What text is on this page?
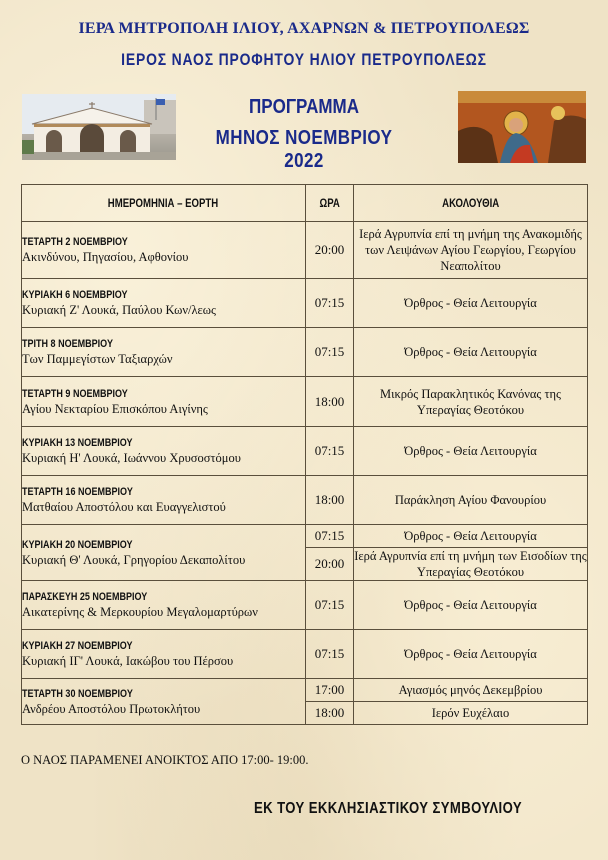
ΙΕΡΑ ΜΗΤΡΟΠΟΛΗ ΙΛΙΟΥ, ΑΧΑΡΝΩΝ & ΠΕΤΡΟΥΠΟΛΕΩΣ
ΙΕΡΟΣ ΝΑΟΣ ΠΡΟΦΗΤΟΥ ΗΛΙΟΥ ΠΕΤΡΟΥΠΟΛΕΩΣ
ΠΡΟΓΡΑΜΜΑ
ΜΗΝΟΣ ΝΟΕΜΒΡΙΟΥ 2022
ΗΜΕΡΟΜΗΝΙΑ – ΕΟΡΤΗ	ΩΡΑ	ΑΚΟΛΟΥΘΙΑ

ΤΕΤΑΡΤΗ 2 ΝΟΕΜΒΡΙΟΥ
Ακινδύνου, Πηγασίου, Αφθονίου	20:00	Ιερά Αγρυπνία επί τη μνήμη της Ανακομιδής των Λειψάνων Αγίου Γεωργίου, Γεωργίου Νεαπολίτου

ΚΥΡΙΑΚΗ 6 ΝΟΕΜΒΡΙΟΥ
Κυριακή Ζ' Λουκά, Παύλου Κων/λεως	07:15	Όρθρος - Θεία Λειτουργία

ΤΡΙΤΗ 8 ΝΟΕΜΒΡΙΟΥ
Των Παμμεγίστων Ταξιαρχών	07:15	Όρθρος - Θεία Λειτουργία

ΤΕΤΑΡΤΗ 9 ΝΟΕΜΒΡΙΟΥ
Αγίου Νεκταρίου Επισκόπου Αιγίνης	18:00	Μικρός Παρακλητικός Κανόνας της Υπεραγίας Θεοτόκου

ΚΥΡΙΑΚΗ 13 ΝΟΕΜΒΡΙΟΥ
Κυριακή Η' Λουκά, Ιωάννου Χρυσοστόμου	07:15	Όρθρος - Θεία Λειτουργία

ΤΕΤΑΡΤΗ 16 ΝΟΕΜΒΡΙΟΥ
Ματθαίου Αποστόλου και Ευαγγελιστού	18:00	Παράκληση Αγίου Φανουρίου

ΚΥΡΙΑΚΗ 20 ΝΟΕΜΒΡΙΟΥ
Κυριακή Θ' Λουκά, Γρηγορίου Δεκαπολίτου	07:15	Όρθρος - Θεία Λειτουργία
	20:00	Ιερά Αγρυπνία επί τη μνήμη των Εισοδίων της Υπεραγίας Θεοτόκου

ΠΑΡΑΣΚΕΥΗ 25 ΝΟΕΜΒΡΙΟΥ
Αικατερίνης & Μερκουρίου Μεγαλομαρτύρων	07:15	Όρθρος - Θεία Λειτουργία

ΚΥΡΙΑΚΗ 27 ΝΟΕΜΒΡΙΟΥ
Κυριακή ΙΓ' Λουκά, Ιακώβου του Πέρσου	07:15	Όρθρος - Θεία Λειτουργία

ΤΕΤΑΡΤΗ 30 ΝΟΕΜΒΡΙΟΥ
Ανδρέου Αποστόλου Πρωτοκλήτου	17:00	Αγιασμός μηνός Δεκεμβρίου
	18:00	Ιερόν Ευχέλαιο
Ο ΝΑΟΣ ΠΑΡΑΜΕΝΕΙ ΑΝΟΙΚΤΟΣ ΑΠΟ 17:00- 19:00.
ΕΚ ΤΟΥ ΕΚΚΛΗΣΙΑΣΤΙΚΟΥ ΣΥΜΒΟΥΛΙΟΥ
